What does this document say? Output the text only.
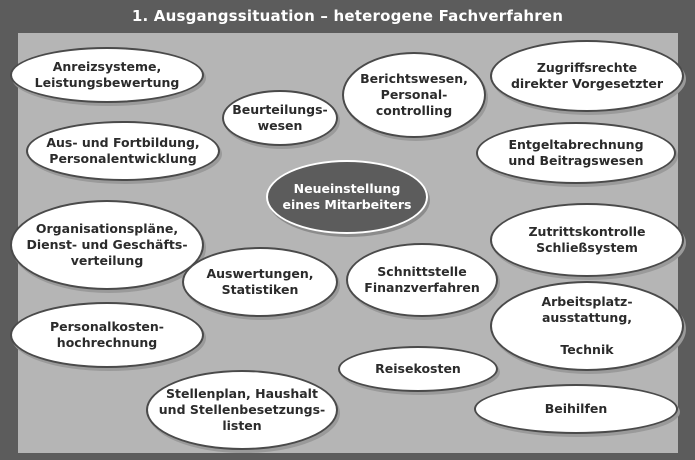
1. Ausgangssituation – heterogene Fachverfahren
Anreizsysteme,
Leistungsbewertung
Aus- und Fortbildung,
Personalentwicklung
Organisationspläne,
Dienst- und Geschäfts-
verteilung
Personalkosten-
hochrechnung
Stellenplan, Haushalt
und Stellenbesetzungs-
listen
Beurteilungs-
wesen
Berichtswesen,
Personal-
controlling
Neueinstellung
eines Mitarbeiters
Auswertungen,
Statistiken
Schnittstelle
Finanzverfahren
Reisekosten
Zugriffsrechte
direkter Vorgesetzter
Entgeltabrechnung
und Beitragswesen
Zutrittskontrolle
Schließsystem
Arbeitsplatz-
ausstattung,

Technik
Beihilfen
